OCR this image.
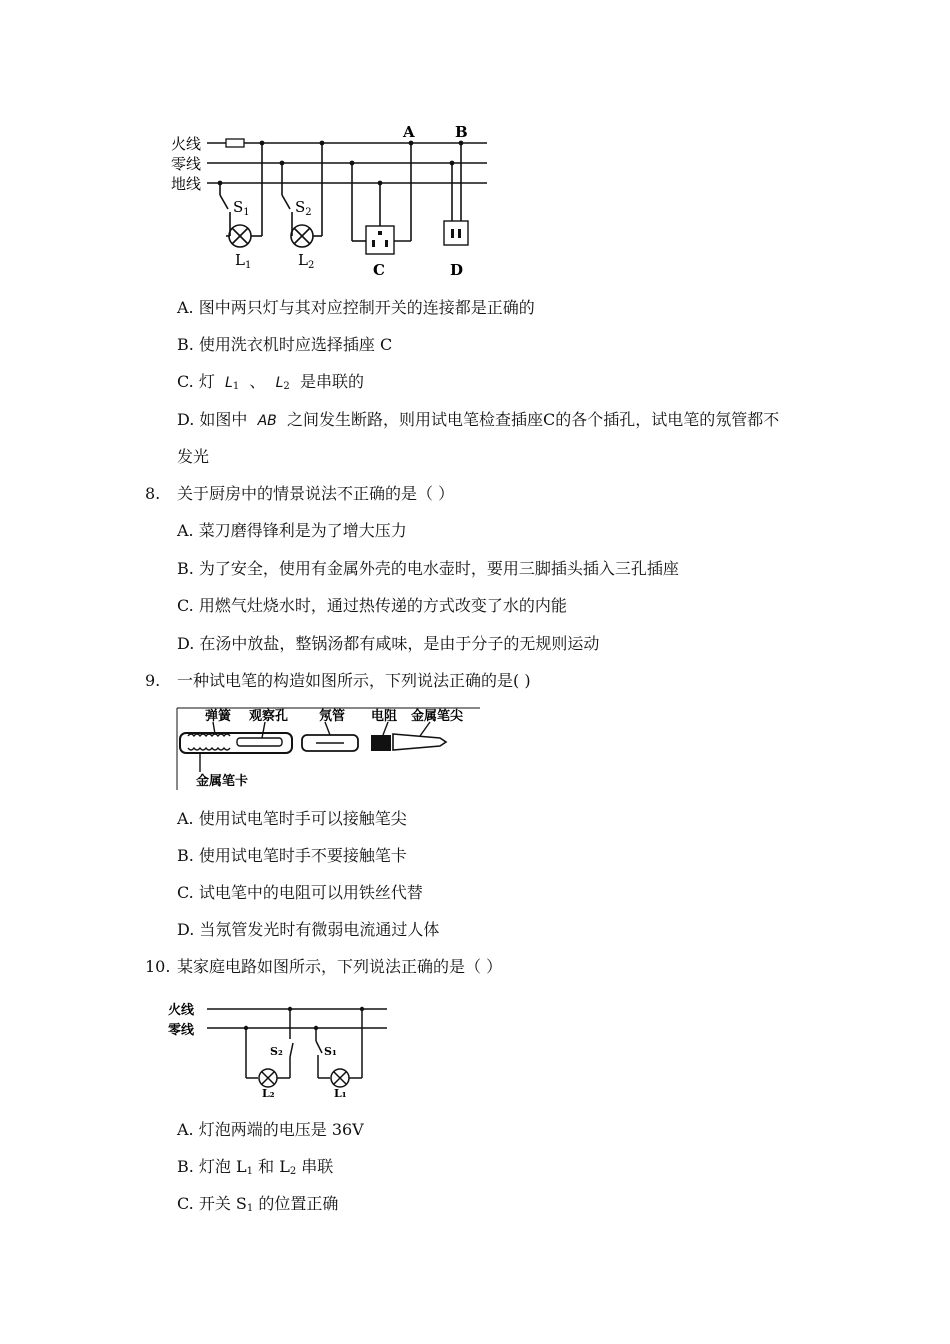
火线
零线
地线
A	B
$S_1$	$S_2$
$L_1$	$L_2$	C	D
A. 图中两只灯与其对应控制开关的连接都是正确的
B. 使用洗衣机时应选择插座 C
C. 灯 $L_1$ 、 $L_2$ 是串联的
D. 如图中 AB 之间发生断路，则用试电笔检查插座C的各个插孔，试电笔的氖管都不
发光
8. 关于厨房中的情景说法不正确的是（ ）
A. 菜刀磨得锋利是为了增大压力
B. 为了安全，使用有金属外壳的电水壶时，要用三脚插头插入三孔插座
C. 用燃气灶烧水时，通过热传递的方式改变了水的内能
D. 在汤中放盐，整锅汤都有咸味，是由于分子的无规则运动
9. 一种试电笔的构造如图所示，下列说法正确的是( )
弹簧 观察孔 氖管 电阻 金属笔尖
金属笔卡
A. 使用试电笔时手可以接触笔尖
B. 使用试电笔时手不要接触笔卡
C. 试电笔中的电阻可以用铁丝代替
D. 当氖管发光时有微弱电流通过人体
10. 某家庭电路如图所示，下列说法正确的是（ ）
火线
零线
S₂	S₁
L₂	L₁
A. 灯泡两端的电压是 36V
B. 灯泡 $L_1$ 和 $L_2$ 串联
C. 开关 $S_1$ 的位置正确
